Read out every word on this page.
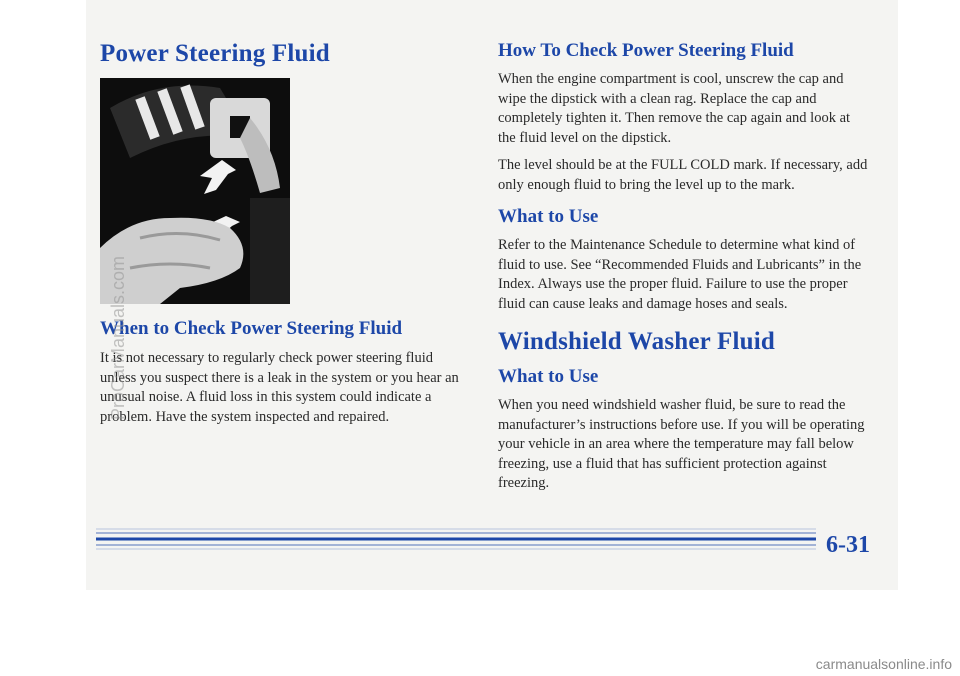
Power Steering Fluid
When to Check Power Steering Fluid

It is not necessary to regularly check power steering fluid unless you suspect there is a leak in the system or you hear an unusual noise. A fluid loss in this system could indicate a problem. Have the system inspected and repaired.

How To Check Power Steering Fluid

When the engine compartment is cool, unscrew the cap and wipe the dipstick with a clean rag. Replace the cap and completely tighten it. Then remove the cap again and look at the fluid level on the dipstick.

The level should be at the FULL COLD mark. If necessary, add only enough fluid to bring the level up to the mark.

What to Use

Refer to the Maintenance Schedule to determine what kind of fluid to use. See “Recommended Fluids and Lubricants” in the Index. Always use the proper fluid. Failure to use the proper fluid can cause leaks and damage hoses and seals.

Windshield Washer Fluid
What to Use

When you need windshield washer fluid, be sure to read the manufacturer’s instructions before use. If you will be operating your vehicle in an area where the temperature may fall below freezing, use a fluid that has sufficient protection against freezing.

6-31
ProCarManuals.com
carmanualsonline.info
